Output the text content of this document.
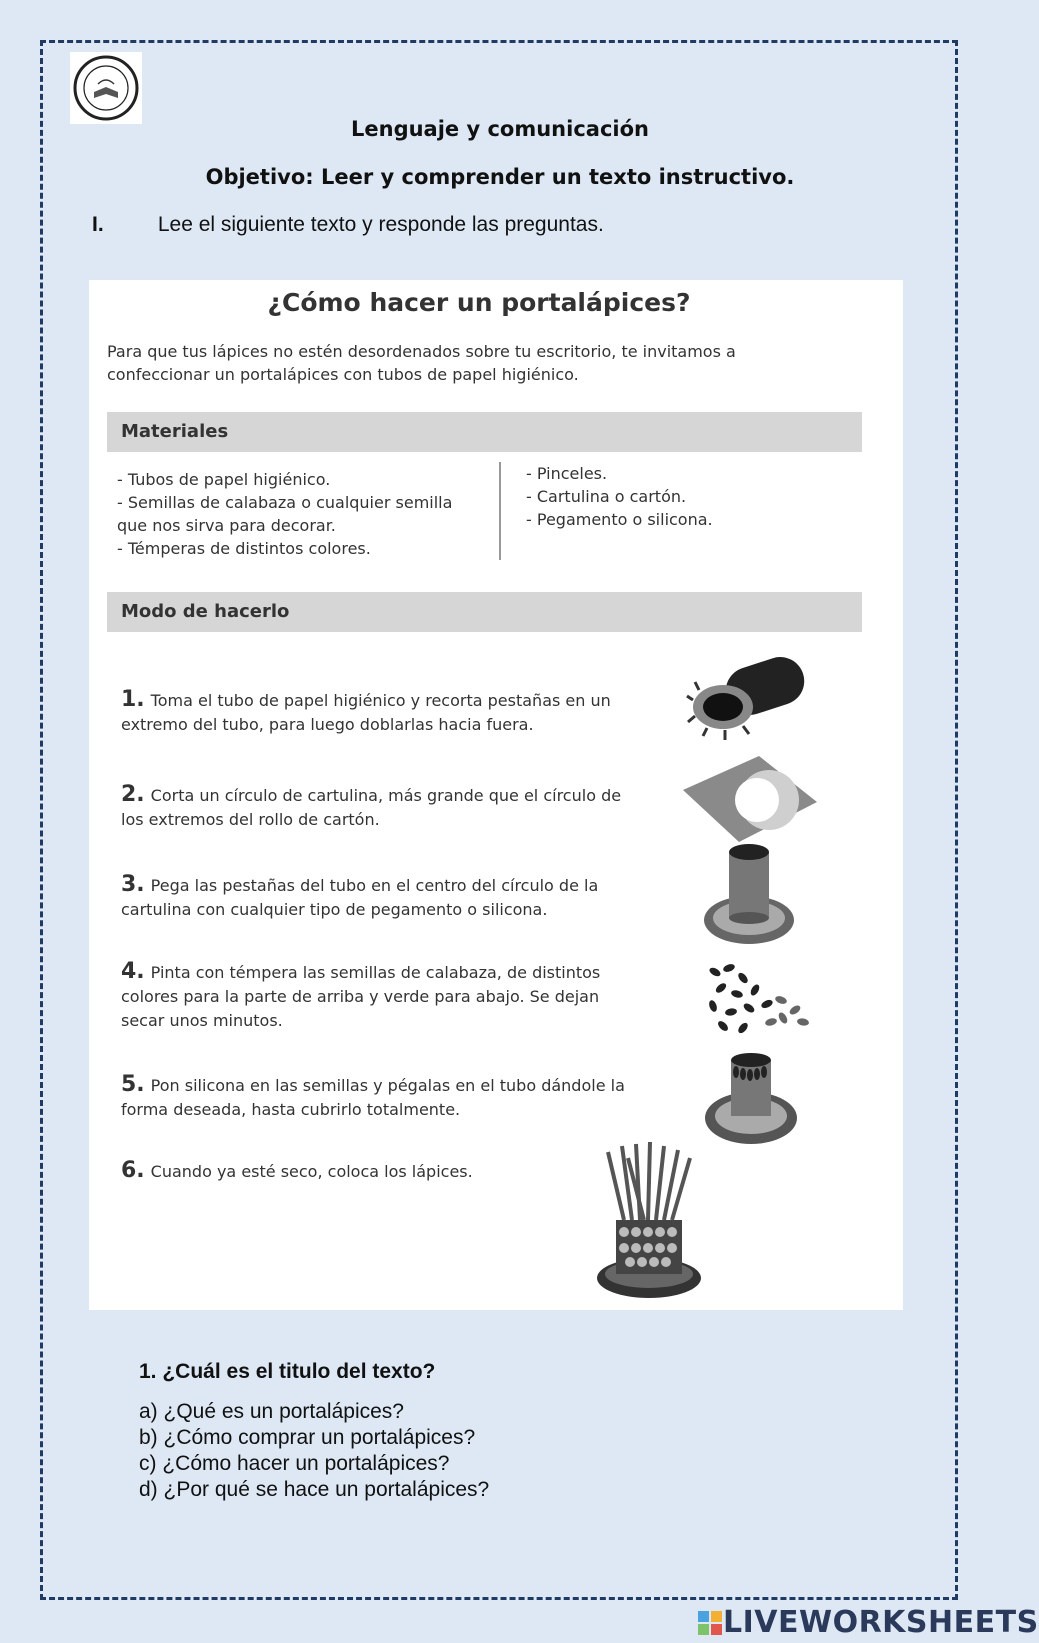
Lenguaje y comunicación
Objetivo: Leer y comprender un texto instructivo.
I.	Lee el siguiente texto y responde las preguntas.
¿Cómo hacer un portalápices?
Para que tus lápices no estén desordenados sobre tu escritorio, te invitamos a
confeccionar un portalápices con tubos de papel higiénico.
Materiales
- Tubos de papel higiénico.
- Semillas de calabaza o cualquier semilla
que nos sirva para decorar.
- Témperas de distintos colores.
- Pinceles.
- Cartulina o cartón.
- Pegamento o silicona.
Modo de hacerlo
1. Toma el tubo de papel higiénico y recorta pestañas en un
extremo del tubo, para luego doblarlas hacia fuera.
2. Corta un círculo de cartulina, más grande que el círculo de
los extremos del rollo de cartón.
3. Pega las pestañas del tubo en el centro del círculo de la
cartulina con cualquier tipo de pegamento o silicona.
4. Pinta con témpera las semillas de calabaza, de distintos
colores para la parte de arriba y verde para abajo. Se dejan
secar unos minutos.
5. Pon silicona en las semillas y pégalas en el tubo dándole la
forma deseada, hasta cubrirlo totalmente.
6. Cuando ya esté seco, coloca los lápices.
1. ¿Cuál es el titulo del texto?
a) ¿Qué es un portalápices?
b) ¿Cómo comprar un portalápices?
c) ¿Cómo hacer un portalápices?
d) ¿Por qué se hace un portalápices?
LIVEWORKSHEETS
